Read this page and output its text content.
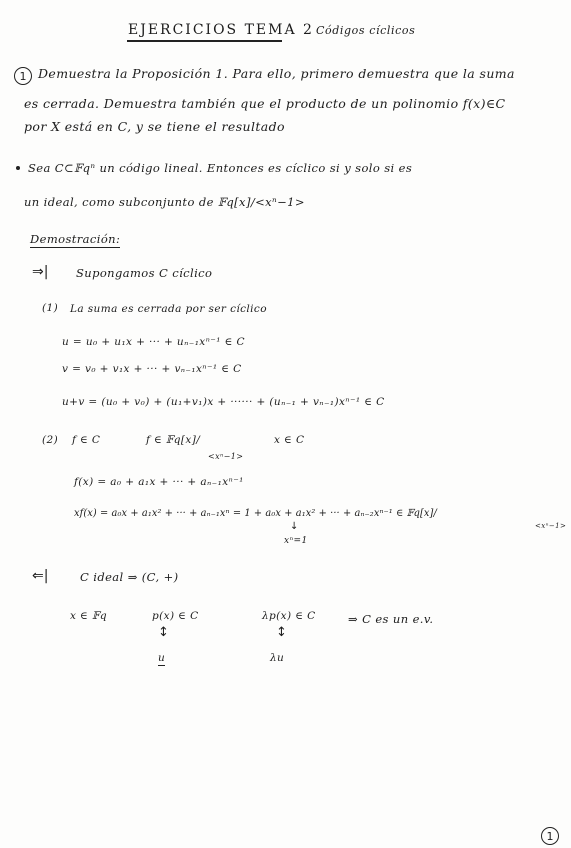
EJERCICIOS TEMA 2 Códigos cíclicos
1 Demuestra la Proposición 1. Para ello, primero demuestra que la suma
es cerrada. Demuestra también que el producto de un polinomio f(x)∈C
por X está en C, y se tiene el resultado
Sea C⊂𝔽qⁿ un código lineal. Entonces es cíclico si y solo si es
un ideal, como subconjunto de 𝔽q[x]/<xⁿ−1>
Demostración:
⇒| Supongamos C cíclico
(1) La suma es cerrada por ser cíclico
u = u₀ + u₁x + ··· + uₙ₋₁xⁿ⁻¹ ∈ C
v = v₀ + v₁x + ··· + vₙ₋₁xⁿ⁻¹ ∈ C
u+v = (u₀ + v₀) + (u₁+v₁)x + ······ + (uₙ₋₁ + vₙ₋₁)xⁿ⁻¹ ∈ C
(2) f ∈ C	f ∈ 𝔽q[x]/
<xⁿ−1>
x ∈ C
f(x) = a₀ + a₁x + ··· + aₙ₋₁xⁿ⁻¹
xf(x) = a₀x + a₁x² + ··· + aₙ₋₁xⁿ = 1 + a₀x + a₁x² + ··· + aₙ₋₂xⁿ⁻¹ ∈ 𝔽q[x]/
<xⁿ−1>
↓
xⁿ=1
⇐|	C ideal ⇒ (C, +)
x ∈ 𝔽q	p(x) ∈ C
↕
u
λp(x) ∈ C
↕
λu
⇒ C es un e.v.
1
